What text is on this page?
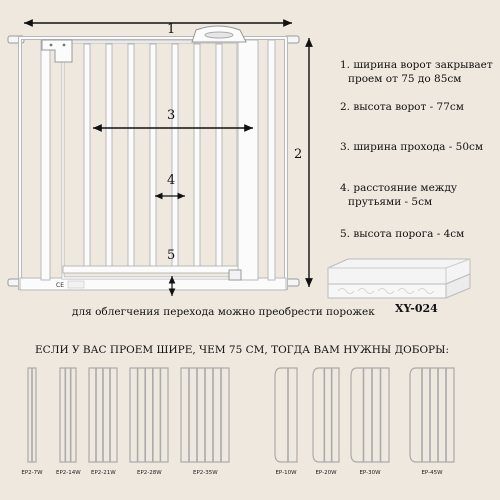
CE
1
2
3
4
5
1. ширина ворот закрывает
проем от 75 до 85см
2. высота ворот - 77см
3. ширина прохода - 50см
4. расстояние между
прутьями - 5см
5. высота порога - 4см
XY-024
для облегчения перехода можно преобрести порожек
ЕСЛИ У ВАС ПРОЕМ ШИРЕ, ЧЕМ 75 СМ, ТОГДА ВАМ НУЖНЫ ДОБОРЫ:
EP2-7W EP2-14W EP2-21W	EP2-28W	EP2-35W	EP-10W	EP-20W	EP-30W	EP-45W
